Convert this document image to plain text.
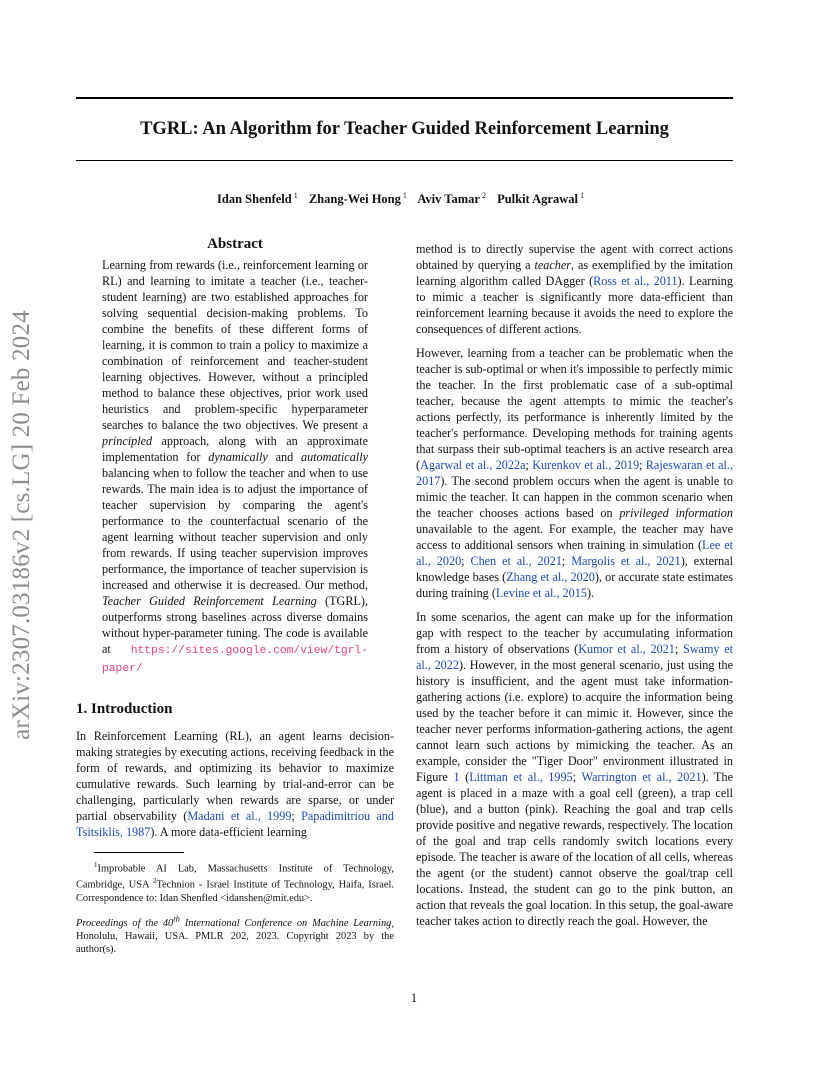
TGRL: An Algorithm for Teacher Guided Reinforcement Learning
Idan Shenfeld $^1$ Zhang-Wei Hong $^1$ Aviv Tamar $^2$ Pulkit Agrawal $^1$
arXiv:2307.03186v2 [cs.LG] 20 Feb 2024
Abstract

Learning from rewards (i.e., reinforcement learning or RL) and learning to imitate a teacher (i.e., teacher-student learning) are two established approaches for solving sequential decision-making problems. To combine the benefits of these different forms of learning, it is common to train a policy to maximize a combination of reinforcement and teacher-student learning objectives. However, without a principled method to balance these objectives, prior work used heuristics and problem-specific hyperparameter searches to balance the two objectives. We present a principled approach, along with an approximate implementation for dynamically and automatically balancing when to follow the teacher and when to use rewards. The main idea is to adjust the importance of teacher supervision by comparing the agent's performance to the counterfactual scenario of the agent learning without teacher supervision and only from rewards. If using teacher supervision improves performance, the importance of teacher supervision is increased and otherwise it is decreased. Our method, Teacher Guided Reinforcement Learning (TGRL), outperforms strong baselines across diverse domains without hyper-parameter tuning. The code is available at https://sites.google.com/view/tgrl-paper/

1. Introduction

In Reinforcement Learning (RL), an agent learns decision-making strategies by executing actions, receiving feedback in the form of rewards, and optimizing its behavior to maximize cumulative rewards. Such learning by trial-and-error can be challenging, particularly when rewards are sparse, or under partial observability (Madani et al., 1999; Papadimitriou and Tsitsiklis, 1987). A more data-efficient learning

$^1$Improbable AI Lab, Massachusetts Institute of Technology, Cambridge, USA $^2$Technion - Israel Institute of Technology, Haifa, Israel. Correspondence to: Idan Shenfled <idanshen@mit.edu>.

Proceedings of the 40th International Conference on Machine Learning, Honolulu, Hawaii, USA. PMLR 202, 2023. Copyright 2023 by the author(s).

method is to directly supervise the agent with correct actions obtained by querying a teacher, as exemplified by the imitation learning algorithm called DAgger (Ross et al., 2011). Learning to mimic a teacher is significantly more data-efficient than reinforcement learning because it avoids the need to explore the consequences of different actions.

However, learning from a teacher can be problematic when the teacher is sub-optimal or when it's impossible to perfectly mimic the teacher. In the first problematic case of a sub-optimal teacher, because the agent attempts to mimic the teacher's actions perfectly, its performance is inherently limited by the teacher's performance. Developing methods for training agents that surpass their sub-optimal teachers is an active research area (Agarwal et al., 2022a; Kurenkov et al., 2019; Rajeswaran et al., 2017). The second problem occurs when the agent is unable to mimic the teacher. It can happen in the common scenario when the teacher chooses actions based on privileged information unavailable to the agent. For example, the teacher may have access to additional sensors when training in simulation (Lee et al., 2020; Chen et al., 2021; Margolis et al., 2021), external knowledge bases (Zhang et al., 2020), or accurate state estimates during training (Levine et al., 2015).

In some scenarios, the agent can make up for the information gap with respect to the teacher by accumulating information from a history of observations (Kumor et al., 2021; Swamy et al., 2022). However, in the most general scenario, just using the history is insufficient, and the agent must take information-gathering actions (i.e. explore) to acquire the information being used by the teacher before it can mimic it. However, since the teacher never performs information-gathering actions, the agent cannot learn such actions by mimicking the teacher. As an example, consider the "Tiger Door" environment illustrated in Figure 1 (Littman et al., 1995; Warrington et al., 2021). The agent is placed in a maze with a goal cell (green), a trap cell (blue), and a button (pink). Reaching the goal and trap cells provide positive and negative rewards, respectively. The location of the goal and trap cells randomly switch locations every episode. The teacher is aware of the location of all cells, whereas the agent (or the student) cannot observe the goal/trap cell locations. Instead, the student can go to the pink button, an action that reveals the goal location. In this setup, the goal-aware teacher takes action to directly reach the goal. However, the

1
